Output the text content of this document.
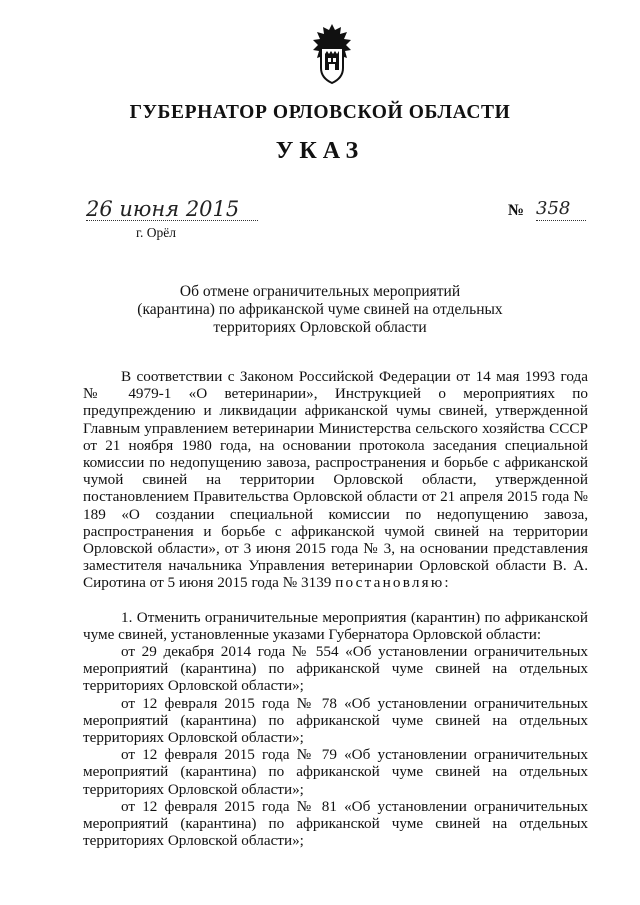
ГУБЕРНАТОР ОРЛОВСКОЙ ОБЛАСТИ
УКАЗ
26 июня 2015	№ 358
г. Орёл
Об отмене ограничительных мероприятий
(карантина) по африканской чуме свиней на отдельных
территориях Орловской области

В соответствии с Законом Российской Федерации от 14 мая 1993 года № 4979-1 «О ветеринарии», Инструкцией о мероприятиях по предупреждению и ликвидации африканской чумы свиней, утвержденной Главным управлением ветеринарии Министерства сельского хозяйства СССР от 21 ноября 1980 года, на основании протокола заседания специальной комиссии по недопущению завоза, распространения и борьбе с африканской чумой свиней на территории Орловской области, утвержденной постановлением Правительства Орловской области от 21 апреля 2015 года № 189 «О создании специальной комиссии по недопущению завоза, распространения и борьбе с африканской чумой свиней на территории Орловской области», от 3 июня 2015 года № 3, на основании представления заместителя начальника Управления ветеринарии Орловской области В. А. Сиротина от 5 июня 2015 года № 3139 постановляю:

1. Отменить ограничительные мероприятия (карантин) по африканской чуме свиней, установленные указами Губернатора Орловской области:

от 29 декабря 2014 года № 554 «Об установлении ограничительных мероприятий (карантина) по африканской чуме свиней на отдельных территориях Орловской области»;

от 12 февраля 2015 года № 78 «Об установлении ограничительных мероприятий (карантина) по африканской чуме свиней на отдельных территориях Орловской области»;

от 12 февраля 2015 года № 79 «Об установлении ограничительных мероприятий (карантина) по африканской чуме свиней на отдельных территориях Орловской области»;

от 12 февраля 2015 года № 81 «Об установлении ограничительных мероприятий (карантина) по африканской чуме свиней на отдельных территориях Орловской области»;
